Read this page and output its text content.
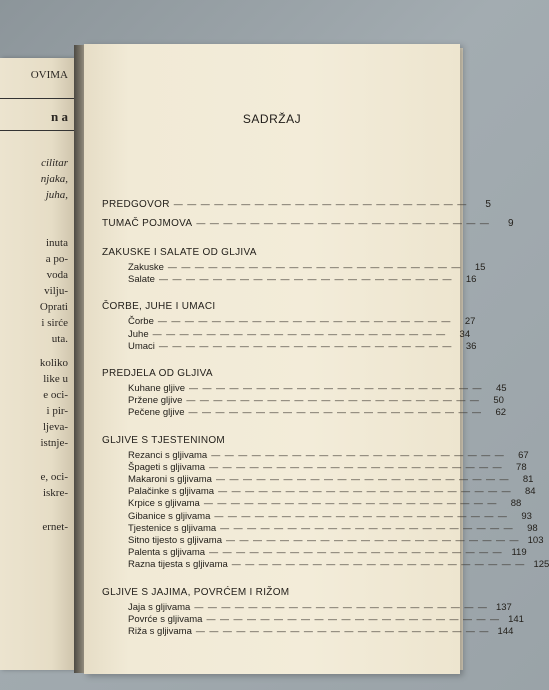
OVIMA
n a
cilitar
njaka,
juha,
inuta
a po-
voda
vilju-
Oprati
i sirće
uta.
koliko
like u
e oci-
i pir-
ljeva-
istnje-
e, oci-
iskre-
ernet-
SADRŽAJ
PREDGOVOR — — — — — — — — — — — — — — — — — — — — — —	5
TUMAČ POJMOVA — — — — — — — — — — — — — — — — — — — — — —	9
ZAKUSKE I SALATE OD GLJIVA
Zakuske — — — — — — — — — — — — — — — — — — — — — —	15
Salate — — — — — — — — — — — — — — — — — — — — — —	16
ČORBE, JUHE I UMACI
Čorbe — — — — — — — — — — — — — — — — — — — — — —	27
Juhe — — — — — — — — — — — — — — — — — — — — — —	34
Umaci — — — — — — — — — — — — — — — — — — — — — —	36
PREDJELA OD GLJIVA
Kuhane gljive — — — — — — — — — — — — — — — — — — — — — —	45
Pržene gljive — — — — — — — — — — — — — — — — — — — — — —	50
Pečene gljive — — — — — — — — — — — — — — — — — — — — — —	62
GLJIVE S TJESTENINOM
Rezanci s gljivama — — — — — — — — — — — — — — — — — — — — — —	67
Špageti s gljivama — — — — — — — — — — — — — — — — — — — — — —	78
Makaroni s gljivama — — — — — — — — — — — — — — — — — — — — — —	81
Palačinke s gljivama — — — — — — — — — — — — — — — — — — — — — —	84
Krpice s gljivama — — — — — — — — — — — — — — — — — — — — — —	88
Gibanice s gljivama — — — — — — — — — — — — — — — — — — — — — —	93
Tjestenice s gljivama — — — — — — — — — — — — — — — — — — — — — —	98
Sitno tijesto s gljivama — — — — — — — — — — — — — — — — — — — — — — 103
Palenta s gljivama — — — — — — — — — — — — — — — — — — — — — — 119
Razna tijesta s gljivama — — — — — — — — — — — — — — — — — — — — — — 125
GLJIVE S JAJIMA, POVRĆEM I RIŽOM
Jaja s gljivama — — — — — — — — — — — — — — — — — — — — — — 137
Povrće s gljivama — — — — — — — — — — — — — — — — — — — — — — 141
Riža s gljivama — — — — — — — — — — — — — — — — — — — — — — 144
